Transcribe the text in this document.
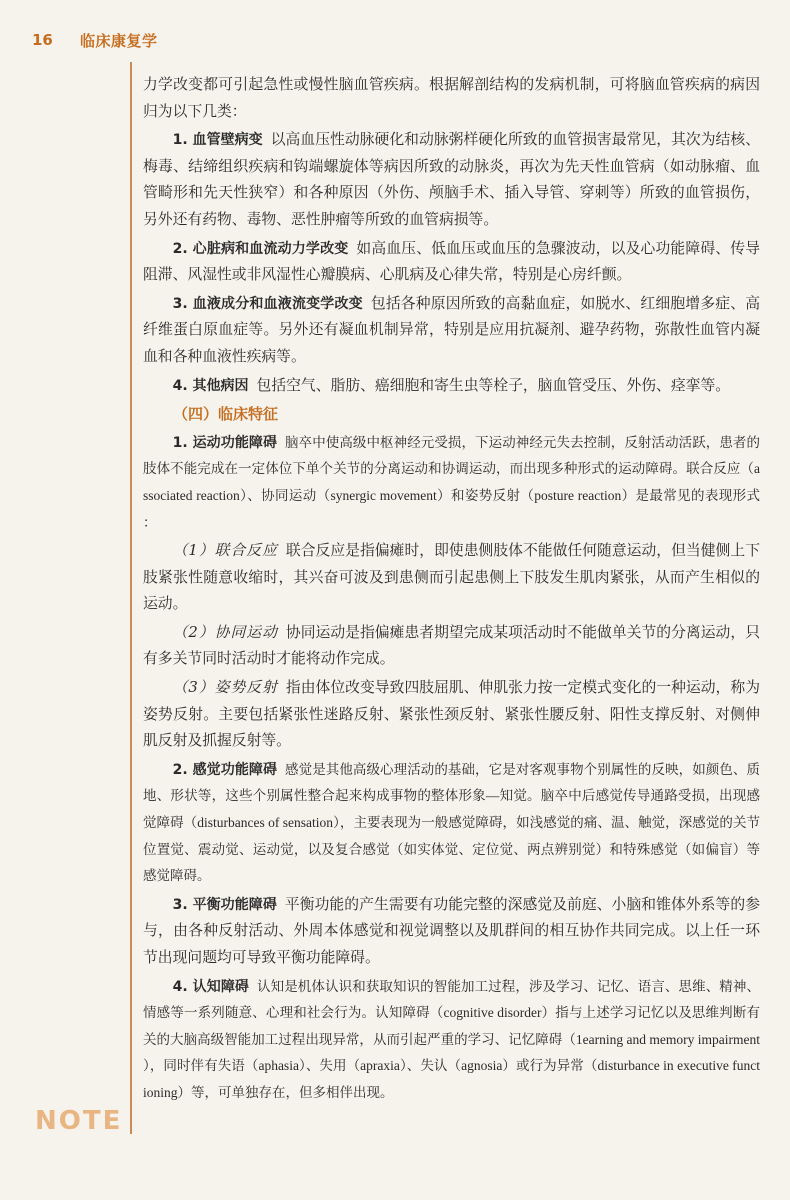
16	临床康复学
NOTE

力学改变都可引起急性或慢性脑血管疾病。根据解剖结构的发病机制，可将脑血管疾病的病因归为以下几类：

1. 血管壁病变 以高血压性动脉硬化和动脉粥样硬化所致的血管损害最常见，其次为结核、梅毒、结缔组织疾病和钩端螺旋体等病因所致的动脉炎，再次为先天性血管病（如动脉瘤、血管畸形和先天性狭窄）和各种原因（外伤、颅脑手术、插入导管、穿刺等）所致的血管损伤，另外还有药物、毒物、恶性肿瘤等所致的血管病损等。

2. 心脏病和血流动力学改变 如高血压、低血压或血压的急骤波动，以及心功能障碍、传导阻滞、风湿性或非风湿性心瓣膜病、心肌病及心律失常，特别是心房纤颤。

3. 血液成分和血液流变学改变 包括各种原因所致的高黏血症，如脱水、红细胞增多症、高纤维蛋白原血症等。另外还有凝血机制异常，特别是应用抗凝剂、避孕药物，弥散性血管内凝血和各种血液性疾病等。

4. 其他病因 包括空气、脂肪、癌细胞和寄生虫等栓子，脑血管受压、外伤、痉挛等。

（四）临床特征

1. 运动功能障碍 脑卒中使高级中枢神经元受损，下运动神经元失去控制，反射活动活跃，患者的肢体不能完成在一定体位下单个关节的分离运动和协调运动，而出现多种形式的运动障碍。联合反应（associated reaction）、协同运动（synergic movement）和姿势反射（posture reaction）是最常见的表现形式：

（1）联合反应 联合反应是指偏瘫时，即使患侧肢体不能做任何随意运动，但当健侧上下肢紧张性随意收缩时，其兴奋可波及到患侧而引起患侧上下肢发生肌肉紧张，从而产生相似的运动。

（2）协同运动 协同运动是指偏瘫患者期望完成某项活动时不能做单关节的分离运动，只有多关节同时活动时才能将动作完成。

（3）姿势反射 指由体位改变导致四肢屈肌、伸肌张力按一定模式变化的一种运动，称为姿势反射。主要包括紧张性迷路反射、紧张性颈反射、紧张性腰反射、阳性支撑反射、对侧伸肌反射及抓握反射等。

2. 感觉功能障碍 感觉是其他高级心理活动的基础，它是对客观事物个别属性的反映，如颜色、质地、形状等，这些个别属性整合起来构成事物的整体形象—知觉。脑卒中后感觉传导通路受损，出现感觉障碍（disturbances of sensation），主要表现为一般感觉障碍，如浅感觉的痛、温、触觉，深感觉的关节位置觉、震动觉、运动觉，以及复合感觉（如实体觉、定位觉、两点辨别觉）和特殊感觉（如偏盲）等感觉障碍。

3. 平衡功能障碍 平衡功能的产生需要有功能完整的深感觉及前庭、小脑和锥体外系等的参与，由各种反射活动、外周本体感觉和视觉调整以及肌群间的相互协作共同完成。以上任一环节出现问题均可导致平衡功能障碍。

4. 认知障碍 认知是机体认识和获取知识的智能加工过程，涉及学习、记忆、语言、思维、精神、情感等一系列随意、心理和社会行为。认知障碍（cognitive disorder）指与上述学习记忆以及思维判断有关的大脑高级智能加工过程出现异常，从而引起严重的学习、记忆障碍（1earning and memory impairment），同时伴有失语（aphasia）、失用（apraxia）、失认（agnosia）或行为异常（disturbance in executive functioning）等，可单独存在，但多相伴出现。
